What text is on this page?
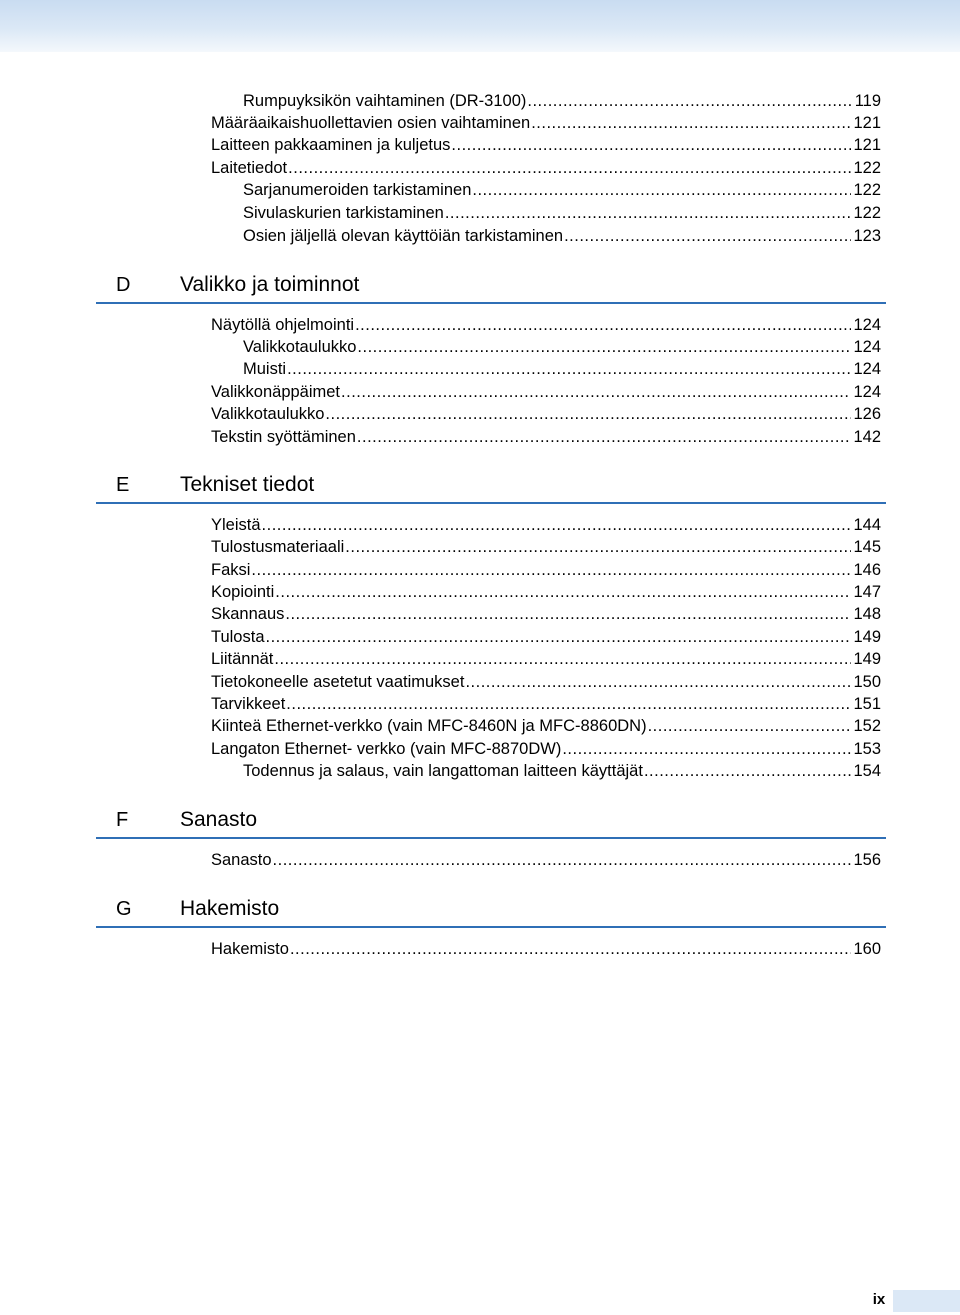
Rumpuyksikön vaihtaminen (DR-3100) .....	119
Määräaikaishuollettavien osien vaihtaminen .....	121
Laitteen pakkaaminen ja kuljetus .....	121
Laitetiedot .....	122
Sarjanumeroiden tarkistaminen .....	122
Sivulaskurien tarkistaminen .....	122
Osien jäljellä olevan käyttöiän tarkistaminen .....	123
D Valikko ja toiminnot
Näytöllä ohjelmointi .....	124
Valikkotaulukko .....	124
Muisti .....	124
Valikkonäppäimet .....	124
Valikkotaulukko .....	126
Tekstin syöttäminen .....	142
E	Tekniset tiedot
Yleistä .....	144
Tulostusmateriaali .....	145
Faksi .....	146
Kopiointi .....	147
Skannaus .....	148
Tulosta .....	149
Liitännät .....	149
Tietokoneelle asetetut vaatimukset .....	150
Tarvikkeet .....	151
Kiinteä Ethernet-verkko (vain MFC-8460N ja MFC-8860DN) .....	152
Langaton Ethernet- verkko (vain MFC-8870DW) .....	153
Todennus ja salaus, vain langattoman laitteen käyttäjät .....	154
F	Sanasto
Sanasto .....	156
G Hakemisto
Hakemisto .....	160
ix
